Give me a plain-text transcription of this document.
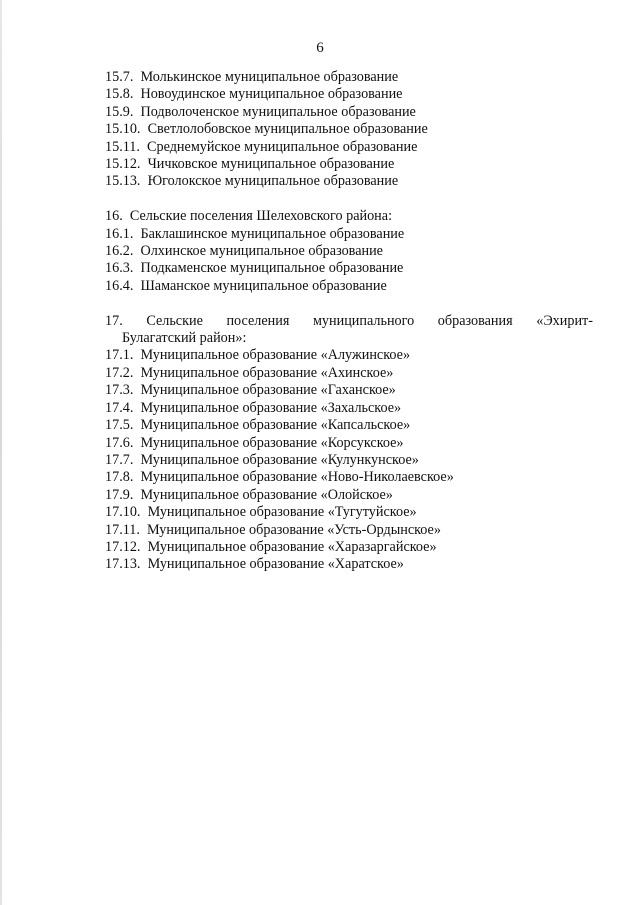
6
15.7.
Молькинское муниципальное образование
15.8.
Новоудинское муниципальное образование
15.9.
Подволоченское муниципальное образование
15.10.
Светлолобовское муниципальное образование
15.11.
Среднемуйское муниципальное образование
15.12.
Чичковское муниципальное образование
15.13.
Юголокское муниципальное образование
16.
Сельские поселения Шелеховского района:
16.1.
Баклашинское муниципальное образование
16.2.
Олхинское муниципальное образование
16.3.
Подкаменское муниципальное образование
16.4.
Шаманское муниципальное образование
17. Сельские поселения муниципального образования «Эхирит-
Булагатский район»:
17.1.
Муниципальное образование «Алужинское»
17.2.
Муниципальное образование «Ахинское»
17.3.
Муниципальное образование «Гаханское»
17.4.
Муниципальное образование «Захальское»
17.5.
Муниципальное образование «Капсальское»
17.6.
Муниципальное образование «Корсукское»
17.7.
Муниципальное образование «Кулункунское»
17.8.
Муниципальное образование «Ново-Николаевское»
17.9.
Муниципальное образование «Олойское»
17.10.
Муниципальное образование «Тугутуйское»
17.11.
Муниципальное образование «Усть-Ордынское»
17.12.
Муниципальное образование «Харазаргайское»
17.13.
Муниципальное образование «Харатское»
